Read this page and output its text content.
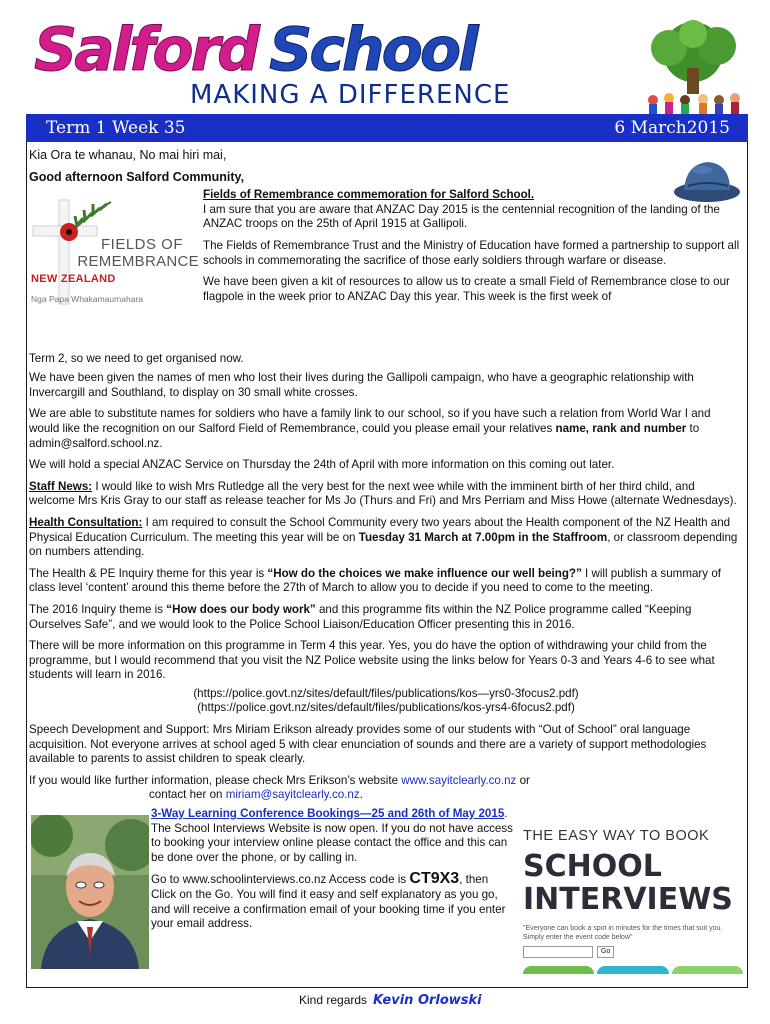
Salford School
MAKING A DIFFERENCE
Term 1 Week 35	6 March2015
Kia Ora te whanau, No mai hiri mai,
Good afternoon Salford Community,
FIELDS OF
REMEMBRANCE
NEW ZEALAND
Nga Papa Whakamaumahara
Fields of Remembrance commemoration for Salford School.
I am sure that you are aware that ANZAC Day 2015 is the centennial recognition of the landing of the ANZAC troops on the 25th of April 1915 at Gallipoli.
The Fields of Remembrance Trust and the Ministry of Education have formed a partnership to support all schools in commemorating the sacrifice of those early soldiers through warfare or disease.
We have been given a kit of resources to allow us to create a small Field of Remembrance close to our flagpole in the week prior to ANZAC Day this year. This week is the first week of
Term 2, so we need to get organised now.
We have been given the names of men who lost their lives during the Gallipoli campaign, who have a geographic relationship with Invercargill and Southland, to display on 30 small white crosses.
We are able to substitute names for soldiers who have a family link to our school, so if you have such a relation from World War I and would like the recognition on our Salford Field of Remembrance, could you please email your relatives name, rank and number to admin@salford.school.nz.
We will hold a special ANZAC Service on Thursday the 24th of April with more information on this coming out later.
Staff News: I would like to wish Mrs Rutledge all the very best for the next wee while with the imminent birth of her third child, and welcome Mrs Kris Gray to our staff as release teacher for Ms Jo (Thurs and Fri) and Mrs Perriam and Miss Howe (alternate Wednesdays).
Health Consultation: I am required to consult the School Community every two years about the Health component of the NZ Health and Physical Education Curriculum. The meeting this year will be on Tuesday 31 March at 7.00pm in the Staffroom, or classroom depending on numbers attending.
The Health & PE Inquiry theme for this year is “How do the choices we make influence our well being?” I will publish a summary of class level ‘content’ around this theme before the 27th of March to allow you to decide if you need to come to the meeting.
The 2016 Inquiry theme is “How does our body work” and this programme fits within the NZ Police programme called “Keeping Ourselves Safe”, and we would look to the Police School Liaison/Education Officer presenting this in 2016.
There will be more information on this programme in Term 4 this year. Yes, you do have the option of withdrawing your child from the programme, but I would recommend that you visit the NZ Police website using the links below for Years 0-3 and Years 4-6 to see what students will learn in 2016.
(https://police.govt.nz/sites/default/files/publications/kos—yrs0-3focus2.pdf)
(https://police.govt.nz/sites/default/files/publications/kos-yrs4-6focus2.pdf)
Speech Development and Support: Mrs Miriam Erikson already provides some of our students with “Out of School” oral language acquisition. Not everyone arrives at school aged 5 with clear enunciation of sounds and there are a variety of support methodologies available to parents to assist children to speak clearly.
If you would like further information, please check Mrs Erikson’s website www.sayitclearly.co.nz or
contact her on miriam@sayitclearly.co.nz.
3-Way Learning Conference Bookings—25 and 26th of May 2015. The School Interviews Website is now open. If you do not have access to booking your interview online please contact the office and this can be done over the phone, or by calling in.
Go to www.schoolinterviews.co.nz Access code is CT9X3, then Click on the Go. You will find it easy and self explanatory as you go, and will receive a confirmation email of your booking time if you enter your email address.
THE EASY WAY TO BOOK
SCHOOL
INTERVIEWS
"Everyone can book a spot in minutes for the times that suit you. Simply enter the event code below"
Go
Kind regards Kevin Orlowski
